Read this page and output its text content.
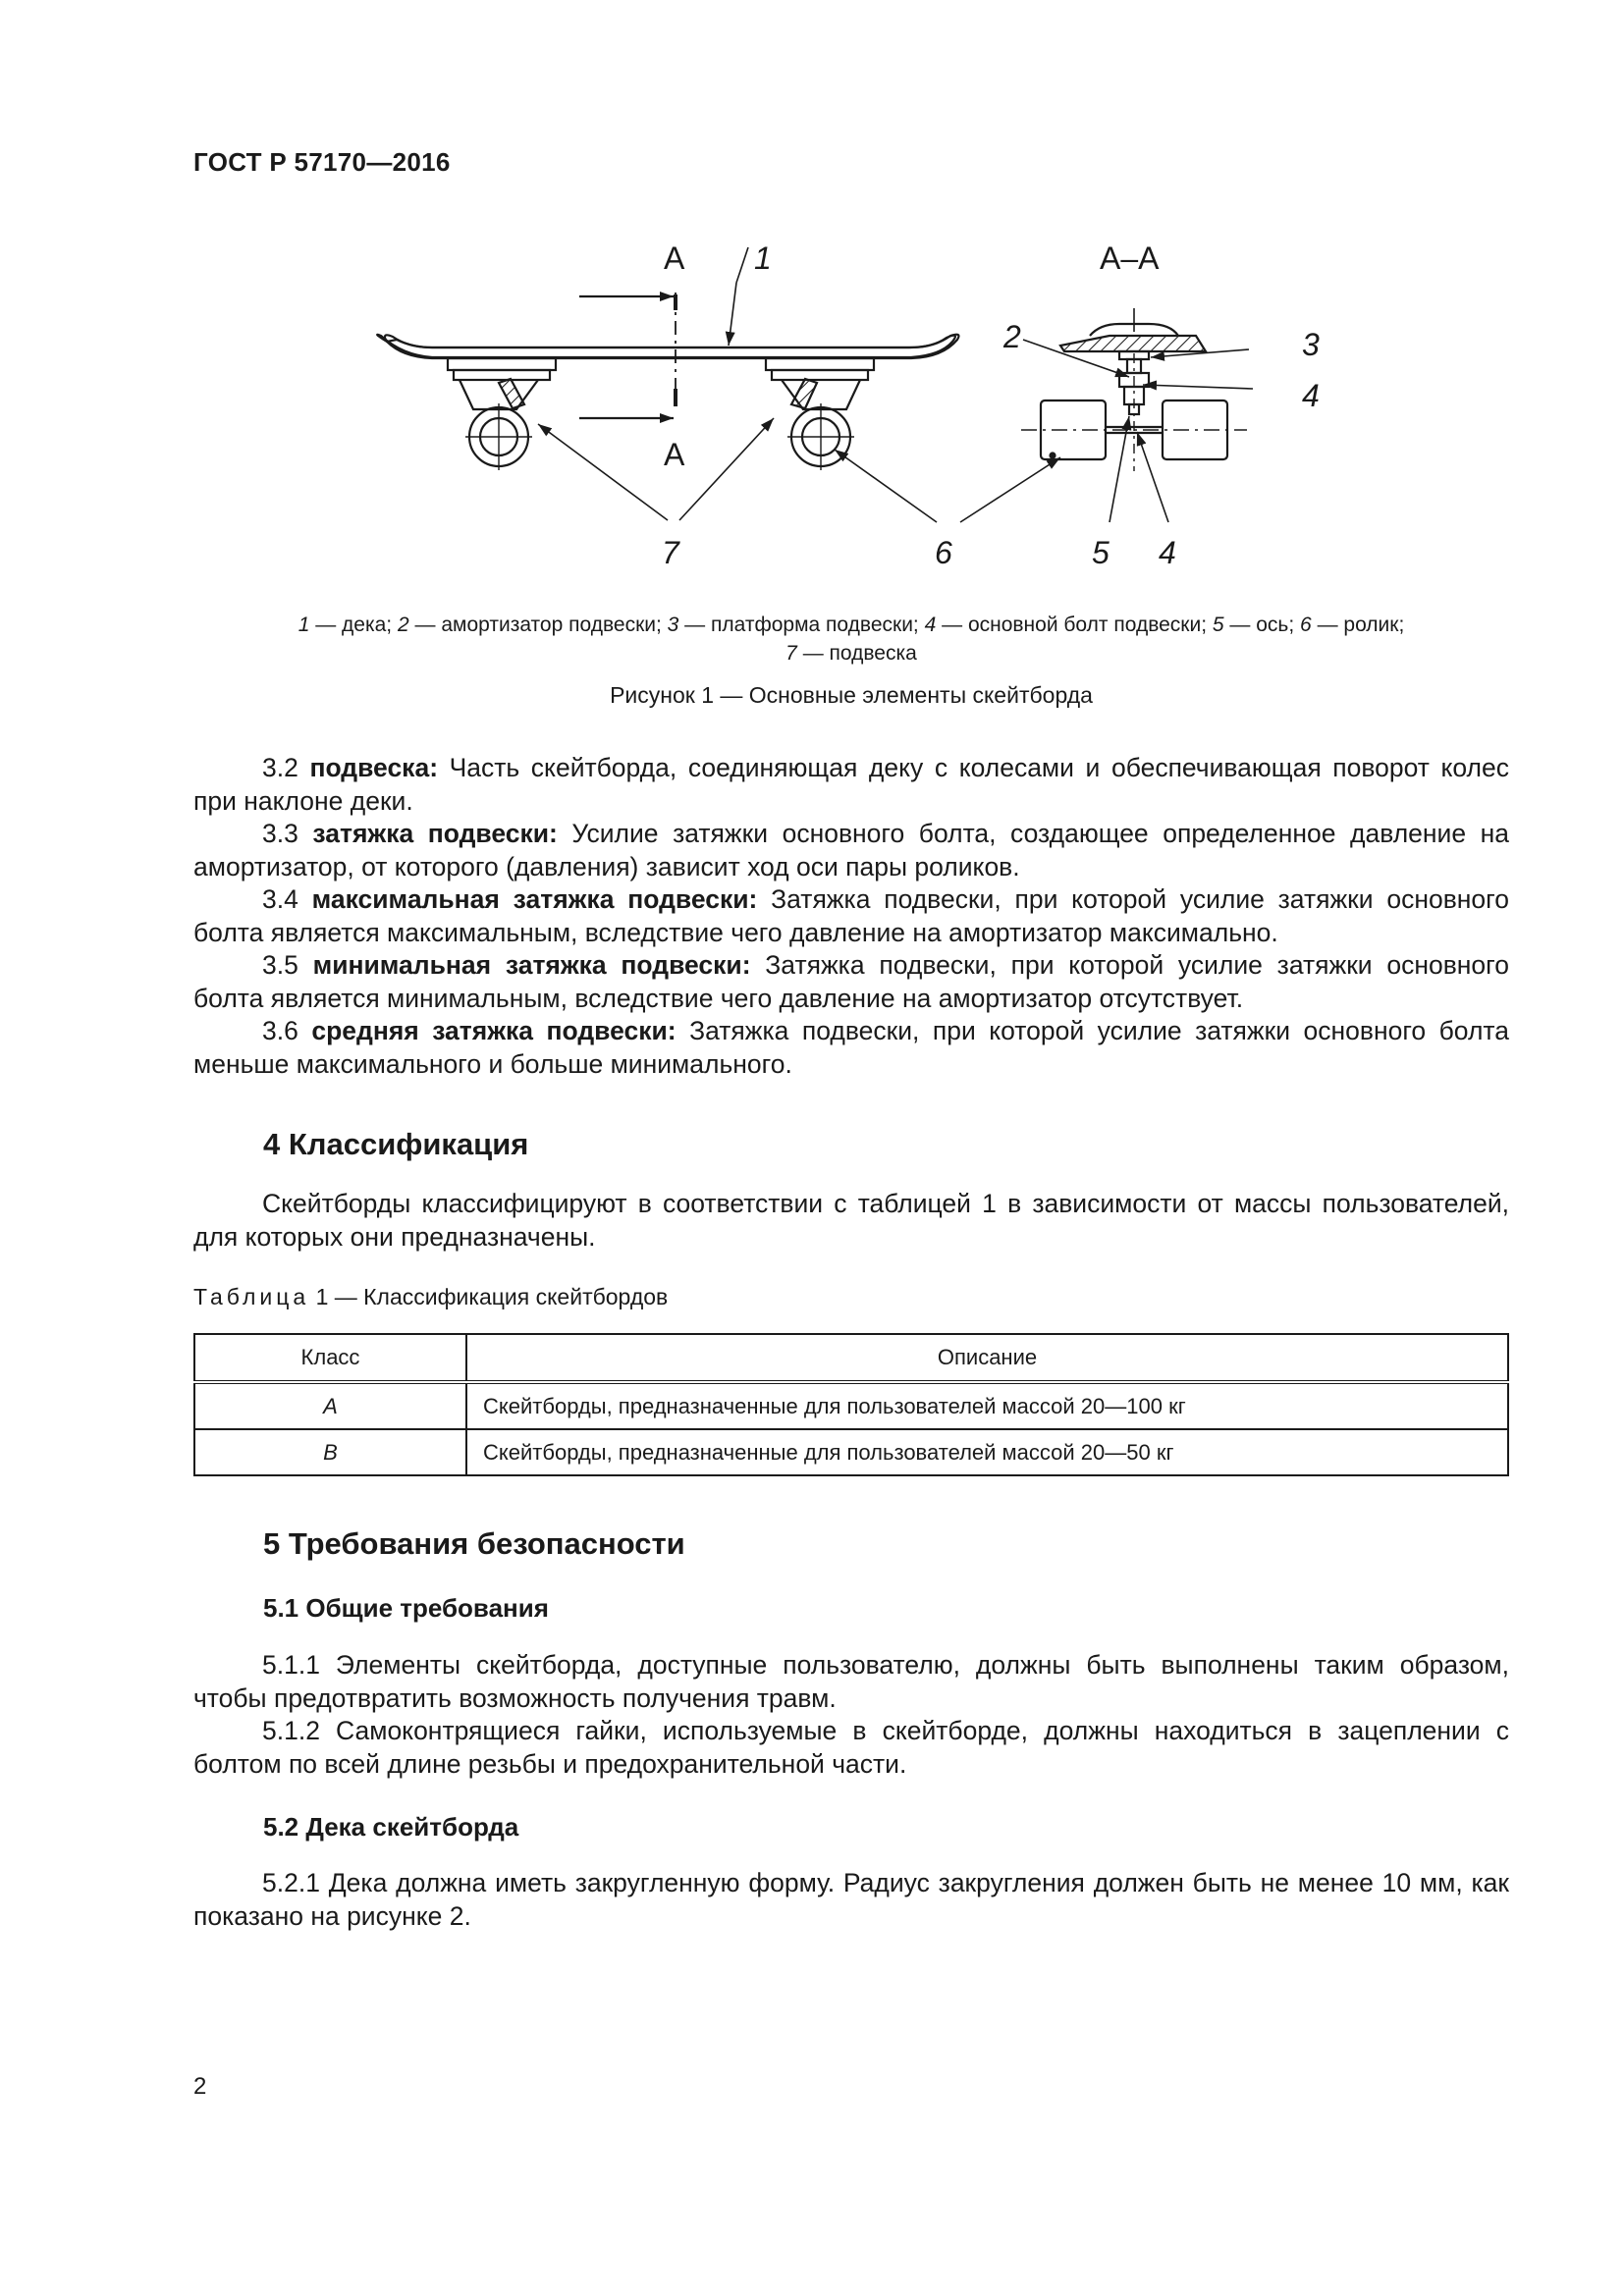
ГОСТ Р 57170—2016
А
А
А–А
1
2	3
4
5 4
6
7
1 — дека; 2 — амортизатор подвески; 3 — платформа подвески; 4 — основной болт подвески; 5 — ось; 6 — ролик;
7 — подвеска
Рисунок 1 — Основные элементы скейтборда
3.2 подвеска: Часть скейтборда, соединяющая деку с колесами и обеспечивающая поворот колес при наклоне деки.
3.3 затяжка подвески: Усилие затяжки основного болта, создающее определенное давление на амортизатор, от которого (давления) зависит ход оси пары роликов.
3.4 максимальная затяжка подвески: Затяжка подвески, при которой усилие затяжки основного болта является максимальным, вследствие чего давление на амортизатор максимально.
3.5 минимальная затяжка подвески: Затяжка подвески, при которой усилие затяжки основного болта является минимальным, вследствие чего давление на амортизатор отсутствует.
3.6 средняя затяжка подвески: Затяжка подвески, при которой усилие затяжки основного болта меньше максимального и больше минимального.
4 Классификация
Скейтборды классифицируют в соответствии с таблицей 1 в зависимости от массы пользователей, для которых они предназначены.
Таблица 1 — Классификация скейтбордов
Класс	Описание
А	Скейтборды, предназначенные для пользователей массой 20—100 кг
В	Скейтборды, предназначенные для пользователей массой 20—50 кг
5 Требования безопасности
5.1 Общие требования
5.1.1 Элементы скейтборда, доступные пользователю, должны быть выполнены таким образом, чтобы предотвратить возможность получения травм.
5.1.2 Самоконтрящиеся гайки, используемые в скейтборде, должны находиться в зацеплении с болтом по всей длине резьбы и предохранительной части.
5.2 Дека скейтборда
5.2.1 Дека должна иметь закругленную форму. Радиус закругления должен быть не менее 10 мм, как показано на рисунке 2.
2
